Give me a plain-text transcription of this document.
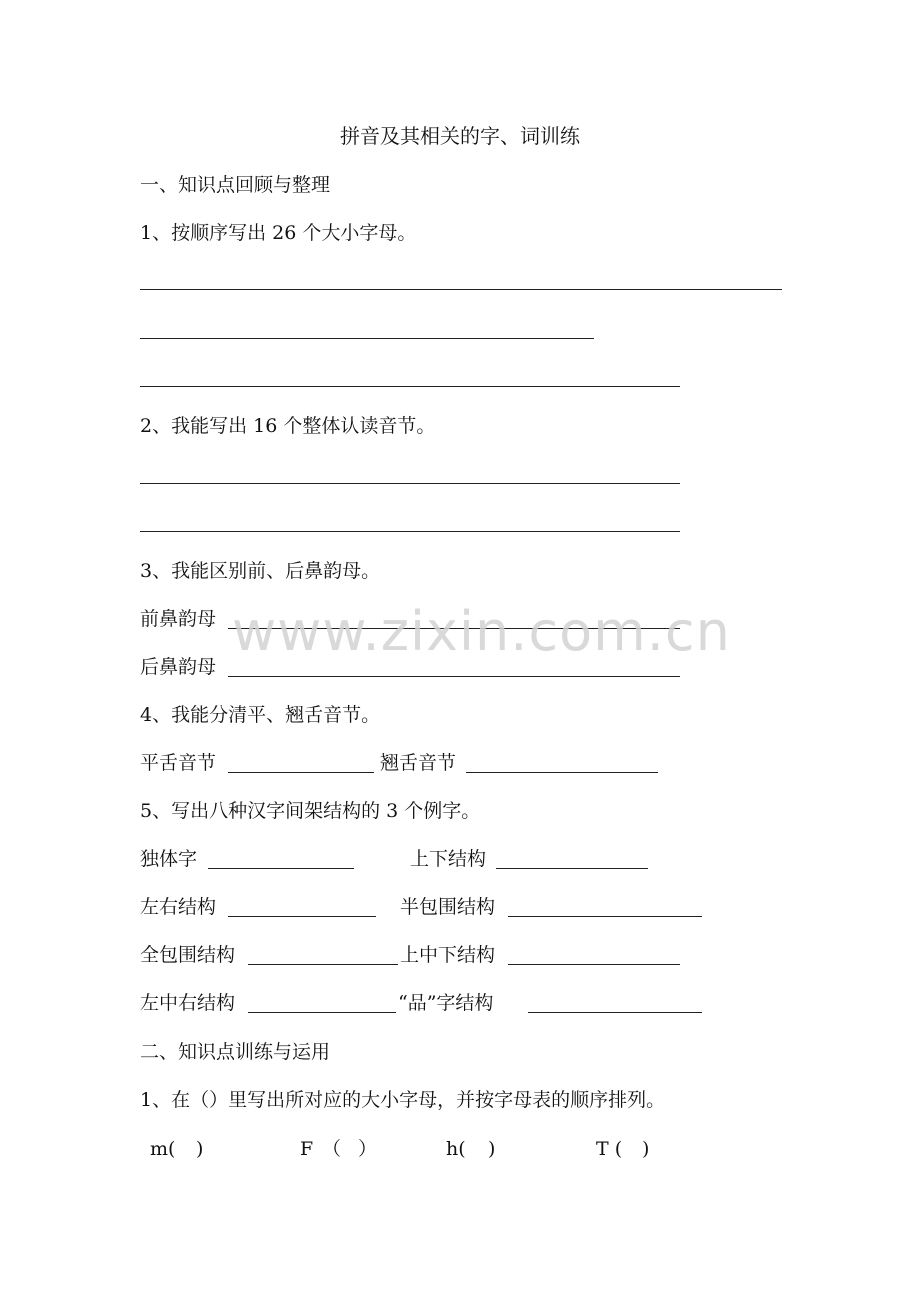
拼音及其相关的字、词训练
一、知识点回顾与整理
1、按顺序写出 26 个大小字母。
2、我能写出 16 个整体认读音节。
3、我能区别前、后鼻韵母。
前鼻韵母
后鼻韵母
4、我能分清平、翘舌音节。
平舌音节	翘舌音节
5、写出八种汉字间架结构的 3 个例字。
独体字	上下结构
左右结构	半包围结构
全包围结构	上中下结构
左中右结构	“品”字结构
二、知识点训练与运用
1、在（）里写出所对应的大小字母，并按字母表的顺序排列。
m( )	F （ ）	h( )	T ( )
www.zixin.com.cn
